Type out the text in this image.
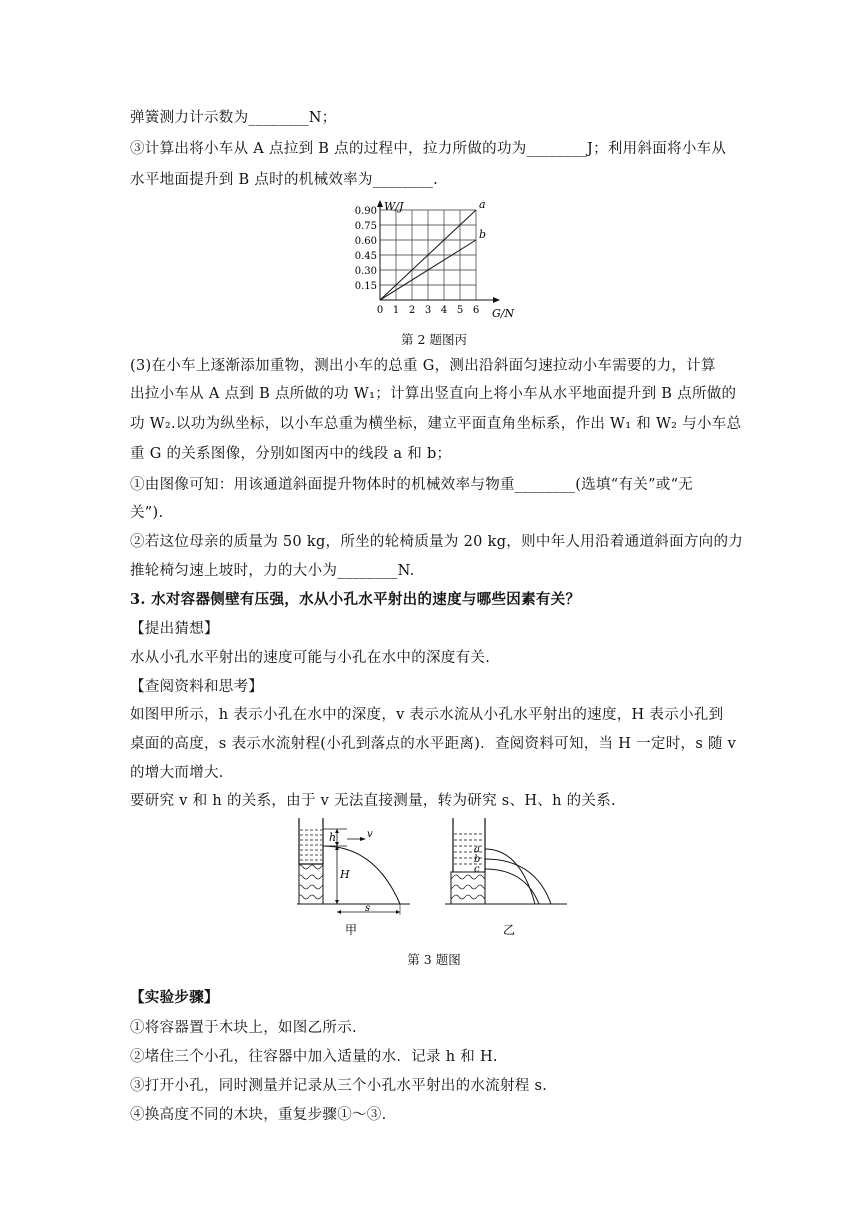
弹簧测力计示数为________N；
③计算出将小车从 A 点拉到 B 点的过程中，拉力所做的功为________J；利用斜面将小车从
水平地面提升到 B 点时的机械效率为________.
0.15
0.30
0.45
0.60
0.75
0.90
0 1 2 3 4 5 6
W/J
G/N
a
b
第 2 题图丙
(3)在小车上逐渐添加重物，测出小车的总重 G，测出沿斜面匀速拉动小车需要的力，计算
出拉小车从 A 点到 B 点所做的功 W₁；计算出竖直向上将小车从水平地面提升到 B 点所做的
功 W₂.以功为纵坐标，以小车总重为横坐标，建立平面直角坐标系，作出 W₁ 和 W₂ 与小车总
重 G 的关系图像，分别如图丙中的线段 a 和 b；
①由图像可知：用该通道斜面提升物体时的机械效率与物重________(选填“有关”或“无
关”).
②若这位母亲的质量为 50 kg，所坐的轮椅质量为 20 kg，则中年人用沿着通道斜面方向的力
推轮椅匀速上坡时，力的大小为________N.
3. 水对容器侧壁有压强，水从小孔水平射出的速度与哪些因素有关？
【提出猜想】
水从小孔水平射出的速度可能与小孔在水中的深度有关.
【查阅资料和思考】
如图甲所示，h 表示小孔在水中的深度，v 表示水流从小孔水平射出的速度，H 表示小孔到
桌面的高度，s 表示水流射程(小孔到落点的水平距离)．查阅资料可知，当 H 一定时，s 随 v
的增大而增大.
要研究 v 和 h 的关系，由于 v 无法直接测量，转为研究 s、H、h 的关系.
h	v
H
s
甲
a
b
c
乙
第 3 题图
【实验步骤】
①将容器置于木块上，如图乙所示.
②堵住三个小孔，往容器中加入适量的水．记录 h 和 H.
③打开小孔，同时测量并记录从三个小孔水平射出的水流射程 s.
④换高度不同的木块，重复步骤①～③.
